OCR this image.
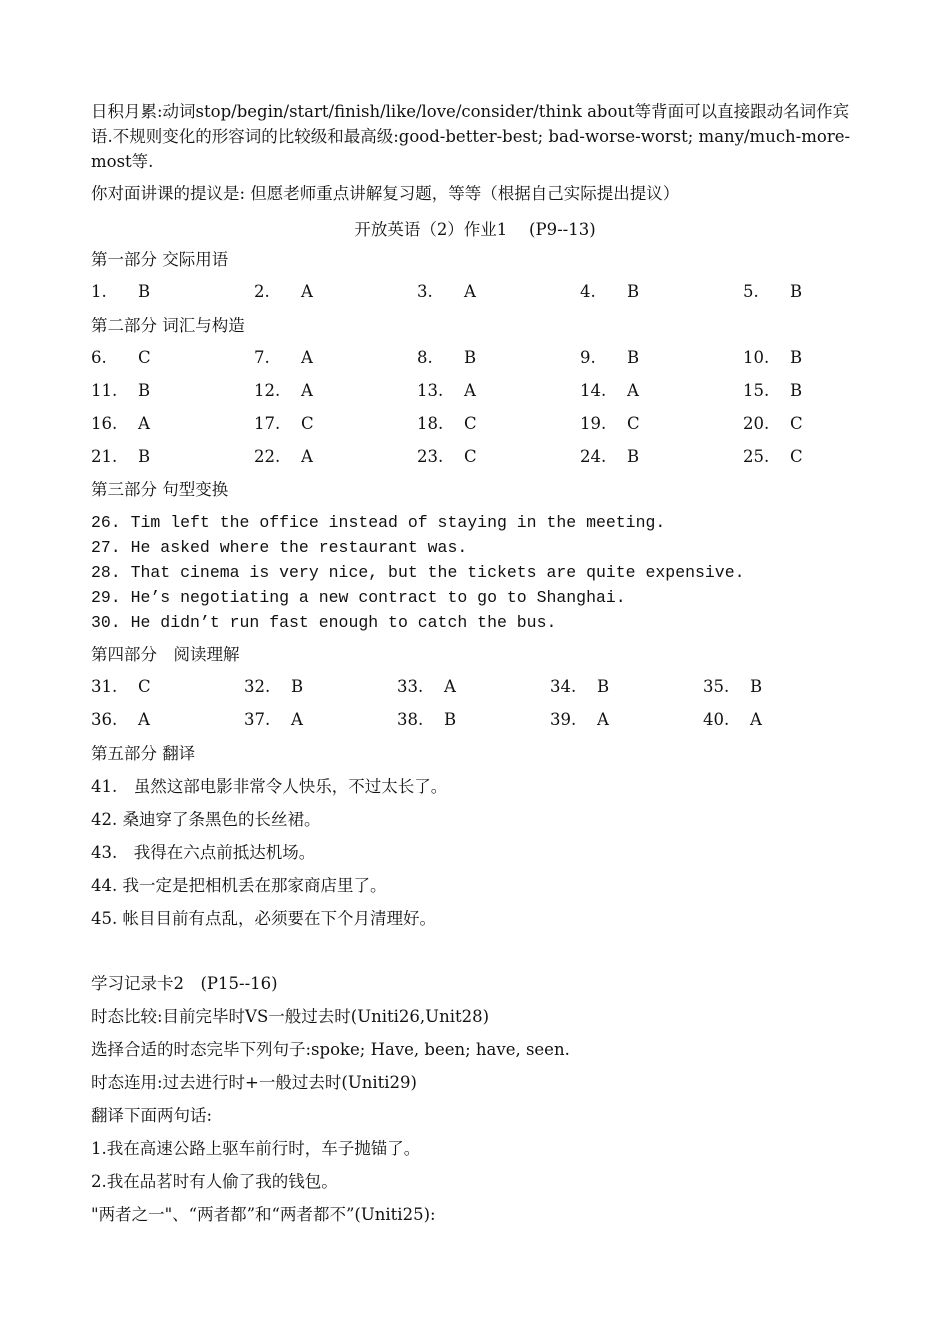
日积月累:动词stop/begin/start/finish/like/love/consider/think about等背面可以直接跟动名词作宾语.不规则变化的形容词的比较级和最高级:good-better-best; bad-worse-worst; many/much-more-most等.
你对面讲课的提议是: 但愿老师重点讲解复习题，等等（根据自己实际提出提议）
开放英语（2）作业1　 (P9--13)
第一部分 交际用语
1. B	2. A	3. A	4. B	5. B
第二部分 词汇与构造
6. C	7. A	8. B	9. B	10. B
11. B	12. A	13. A	14. A	15. B
16. A	17. C	18. C	19. C	20. C
21. B	22. A	23. C	24. B	25. C
第三部分 句型变换
26. Tim left the office instead of staying in the meeting.
27. He asked where the restaurant was.
28. That cinema is very nice, but the tickets are quite expensive.
29. He’s negotiating a new contract to go to Shanghai.
30. He didn’t run fast enough to catch the bus.
第四部分　阅读理解
31. C	32. B	33. A	34. B	35. B
36. A	37. A	38. B	39. A	40. A
第五部分 翻译
41.　虽然这部电影非常令人快乐，不过太长了。
42. 桑迪穿了条黑色的长丝裙。
43.　我得在六点前抵达机场。
44. 我一定是把相机丢在那家商店里了。
45. 帐目目前有点乱，必须要在下个月清理好。
学习记录卡2　(P15--16)
时态比较:目前完毕时VS一般过去时(Uniti26,Unit28)
选择合适的时态完毕下列句子:spoke; Have, been; have, seen.
时态连用:过去进行时+一般过去时(Uniti29)
翻译下面两句话:
1.我在高速公路上驱车前行时，车子抛锚了。
2.我在品茗时有人偷了我的钱包。
"两者之一"、“两者都”和“两者都不”(Uniti25):
